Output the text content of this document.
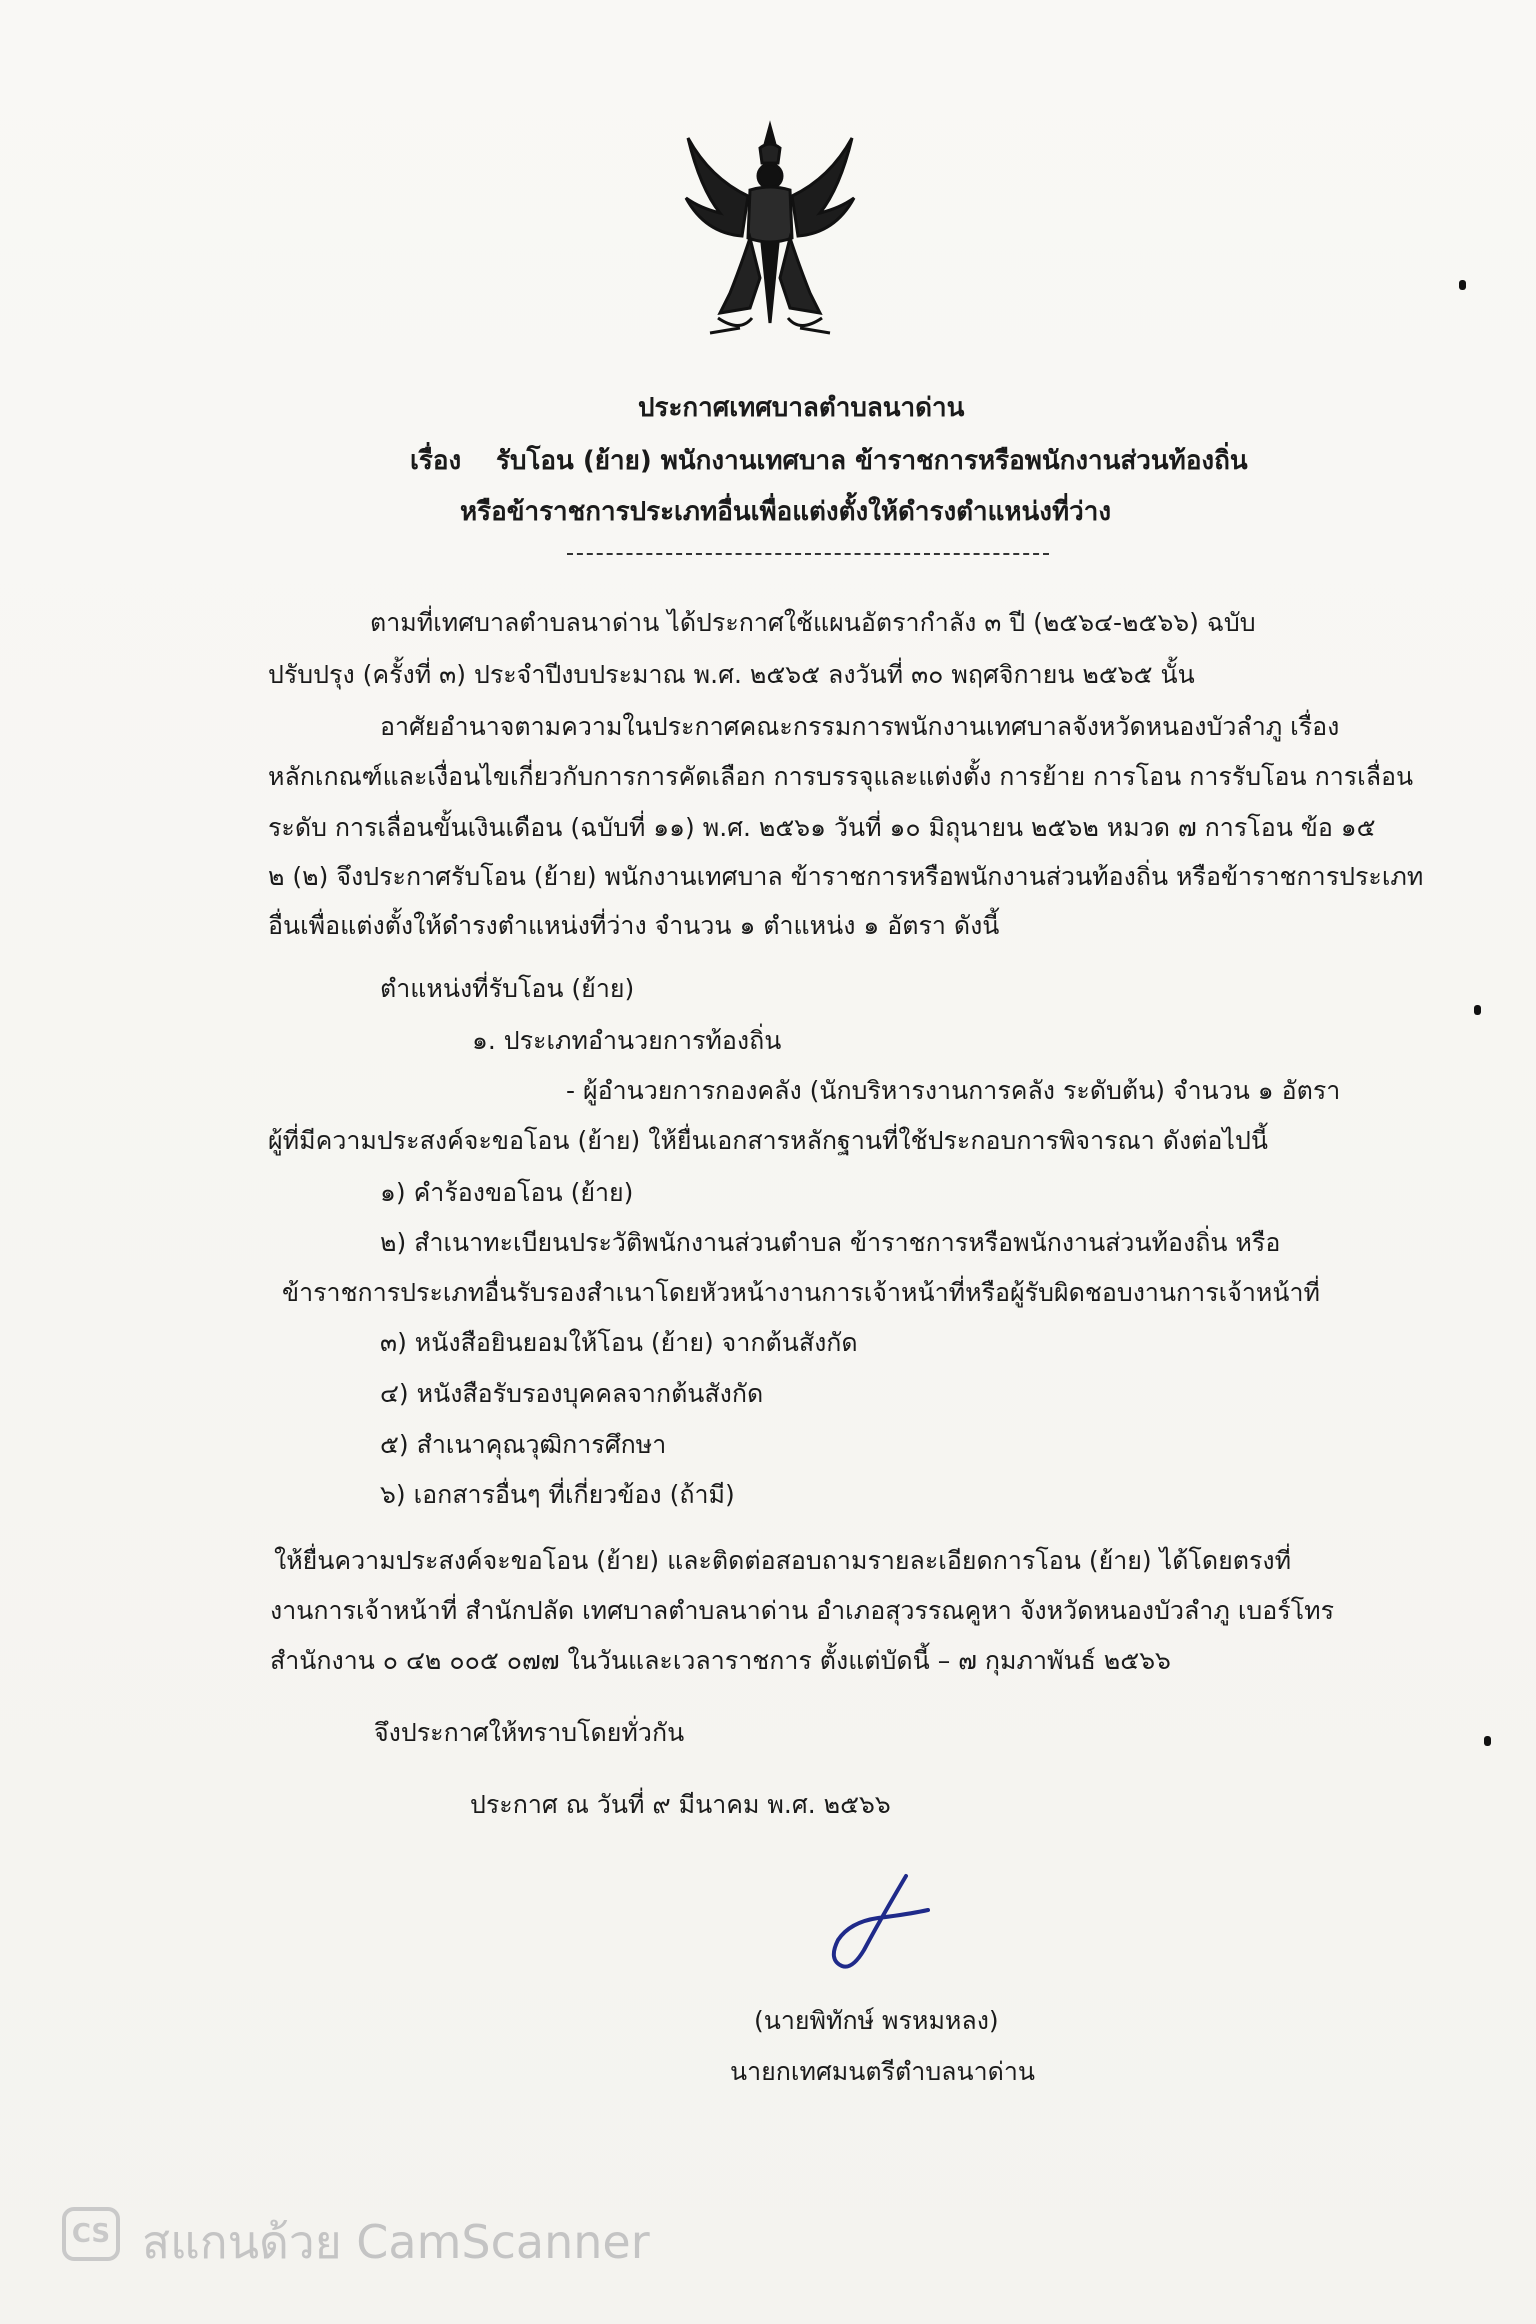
ประกาศเทศบาลตำบลนาด่าน
เรื่อง รับโอน (ย้าย) พนักงานเทศบาล ข้าราชการหรือพนักงานส่วนท้องถิ่น
หรือข้าราชการประเภทอื่นเพื่อแต่งตั้งให้ดำรงตำแหน่งที่ว่าง
ตามที่เทศบาลตำบลนาด่าน ได้ประกาศใช้แผนอัตรากำลัง ๓ ปี (๒๕๖๔-๒๕๖๖) ฉบับ
ปรับปรุง (ครั้งที่ ๓) ประจำปีงบประมาณ พ.ศ. ๒๕๖๕ ลงวันที่ ๓๐ พฤศจิกายน ๒๕๖๕ นั้น
อาศัยอำนาจตามความในประกาศคณะกรรมการพนักงานเทศบาลจังหวัดหนองบัวลำภู เรื่อง
หลักเกณฑ์และเงื่อนไขเกี่ยวกับการการคัดเลือก การบรรจุและแต่งตั้ง การย้าย การโอน การรับโอน การเลื่อน
ระดับ การเลื่อนขั้นเงินเดือน (ฉบับที่ ๑๑) พ.ศ. ๒๕๖๑ วันที่ ๑๐ มิถุนายน ๒๕๖๒ หมวด ๗ การโอน ข้อ ๑๕
๒ (๒) จึงประกาศรับโอน (ย้าย) พนักงานเทศบาล ข้าราชการหรือพนักงานส่วนท้องถิ่น หรือข้าราชการประเภท
อื่นเพื่อแต่งตั้งให้ดำรงตำแหน่งที่ว่าง จำนวน ๑ ตำแหน่ง ๑ อัตรา ดังนี้
ตำแหน่งที่รับโอน (ย้าย)
๑. ประเภทอำนวยการท้องถิ่น
- ผู้อำนวยการกองคลัง (นักบริหารงานการคลัง ระดับต้น) จำนวน ๑ อัตรา
ผู้ที่มีความประสงค์จะขอโอน (ย้าย) ให้ยื่นเอกสารหลักฐานที่ใช้ประกอบการพิจารณา ดังต่อไปนี้
๑) คำร้องขอโอน (ย้าย)
๒) สำเนาทะเบียนประวัติพนักงานส่วนตำบล ข้าราชการหรือพนักงานส่วนท้องถิ่น หรือ
ข้าราชการประเภทอื่นรับรองสำเนาโดยหัวหน้างานการเจ้าหน้าที่หรือผู้รับผิดชอบงานการเจ้าหน้าที่
๓) หนังสือยินยอมให้โอน (ย้าย) จากต้นสังกัด
๔) หนังสือรับรองบุคคลจากต้นสังกัด
๕) สำเนาคุณวุฒิการศึกษา
๖) เอกสารอื่นๆ ที่เกี่ยวข้อง (ถ้ามี)
ให้ยื่นความประสงค์จะขอโอน (ย้าย) และติดต่อสอบถามรายละเอียดการโอน (ย้าย) ได้โดยตรงที่
งานการเจ้าหน้าที่ สำนักปลัด เทศบาลตำบลนาด่าน อำเภอสุวรรณคูหา จังหวัดหนองบัวลำภู เบอร์โทร
สำนักงาน ๐ ๔๒ ๐๐๕ ๐๗๗ ในวันและเวลาราชการ ตั้งแต่บัดนี้ – ๗ กุมภาพันธ์ ๒๕๖๖
จึงประกาศให้ทราบโดยทั่วกัน
ประกาศ ณ วันที่ ๙ มีนาคม พ.ศ. ๒๕๖๖
(นายพิทักษ์ พรหมหลง)
นายกเทศมนตรีตำบลนาด่าน
CS สแกนด้วย CamScanner
